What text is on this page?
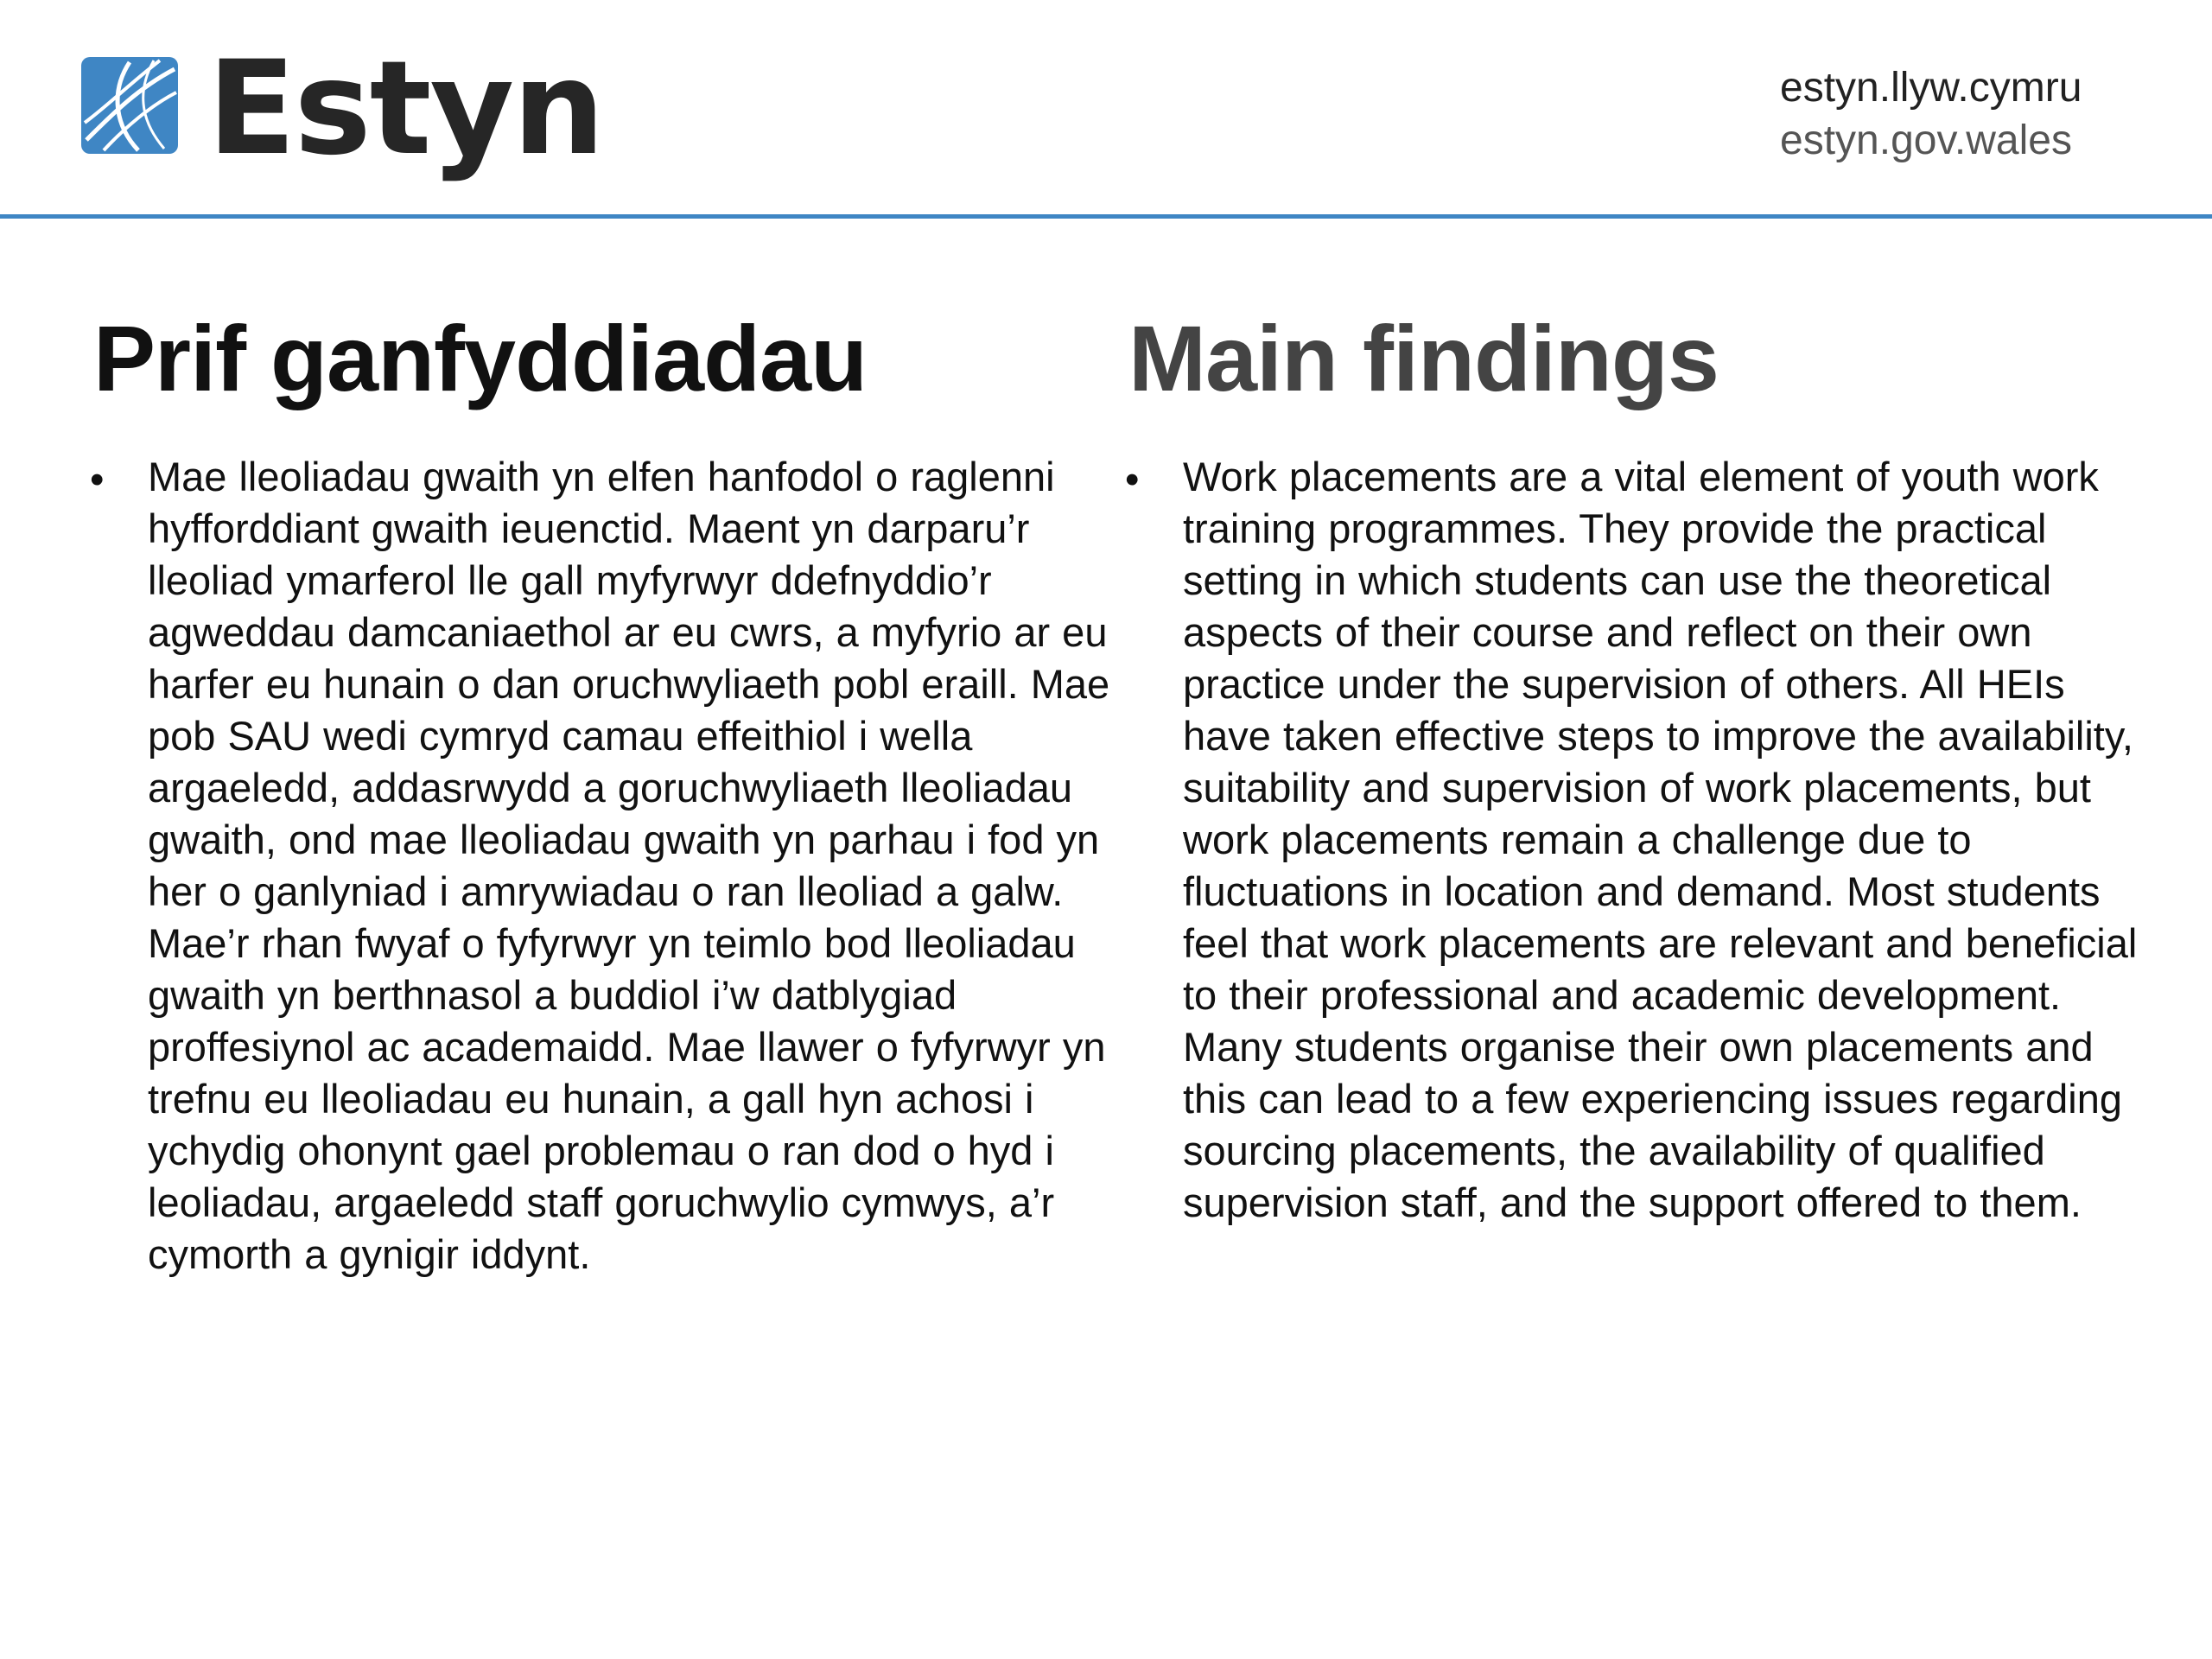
Estyn	estyn.llyw.cymru
estyn.gov.wales
Prif ganfyddiadau	Main findings
• Mae lleoliadau gwaith yn elfen hanfodol o raglenni hyfforddiant gwaith ieuenctid. Maent yn darparu’r lleoliad ymarferol lle gall myfyrwyr ddefnyddio’r agweddau damcaniaethol ar eu cwrs, a myfyrio ar eu harfer eu hunain o dan oruchwyliaeth pobl eraill. Mae pob SAU wedi cymryd camau effeithiol i wella argaeledd, addasrwydd a goruchwyliaeth lleoliadau gwaith, ond mae lleoliadau gwaith yn parhau i fod yn her o ganlyniad i amrywiadau o ran lleoliad a galw. Mae’r rhan fwyaf o fyfyrwyr yn teimlo bod lleoliadau gwaith yn berthnasol a buddiol i’w datblygiad proffesiynol ac academaidd. Mae llawer o fyfyrwyr yn trefnu eu lleoliadau eu hunain, a gall hyn achosi i ychydig ohonynt gael problemau o ran dod o hyd i leoliadau, argaeledd staff goruchwylio cymwys, a’r cymorth a gynigir iddynt.

• Work placements are a vital element of youth work training programmes. They provide the practical setting in which students can use the theoretical aspects of their course and reflect on their own practice under the supervision of others. All HEIs have taken effective steps to improve the availability, suitability and supervision of work placements, but work placements remain a challenge due to fluctuations in location and demand. Most students feel that work placements are relevant and beneficial to their professional and academic development. Many students organise their own placements and this can lead to a few experiencing issues regarding sourcing placements, the availability of qualified supervision staff, and the support offered to them.
